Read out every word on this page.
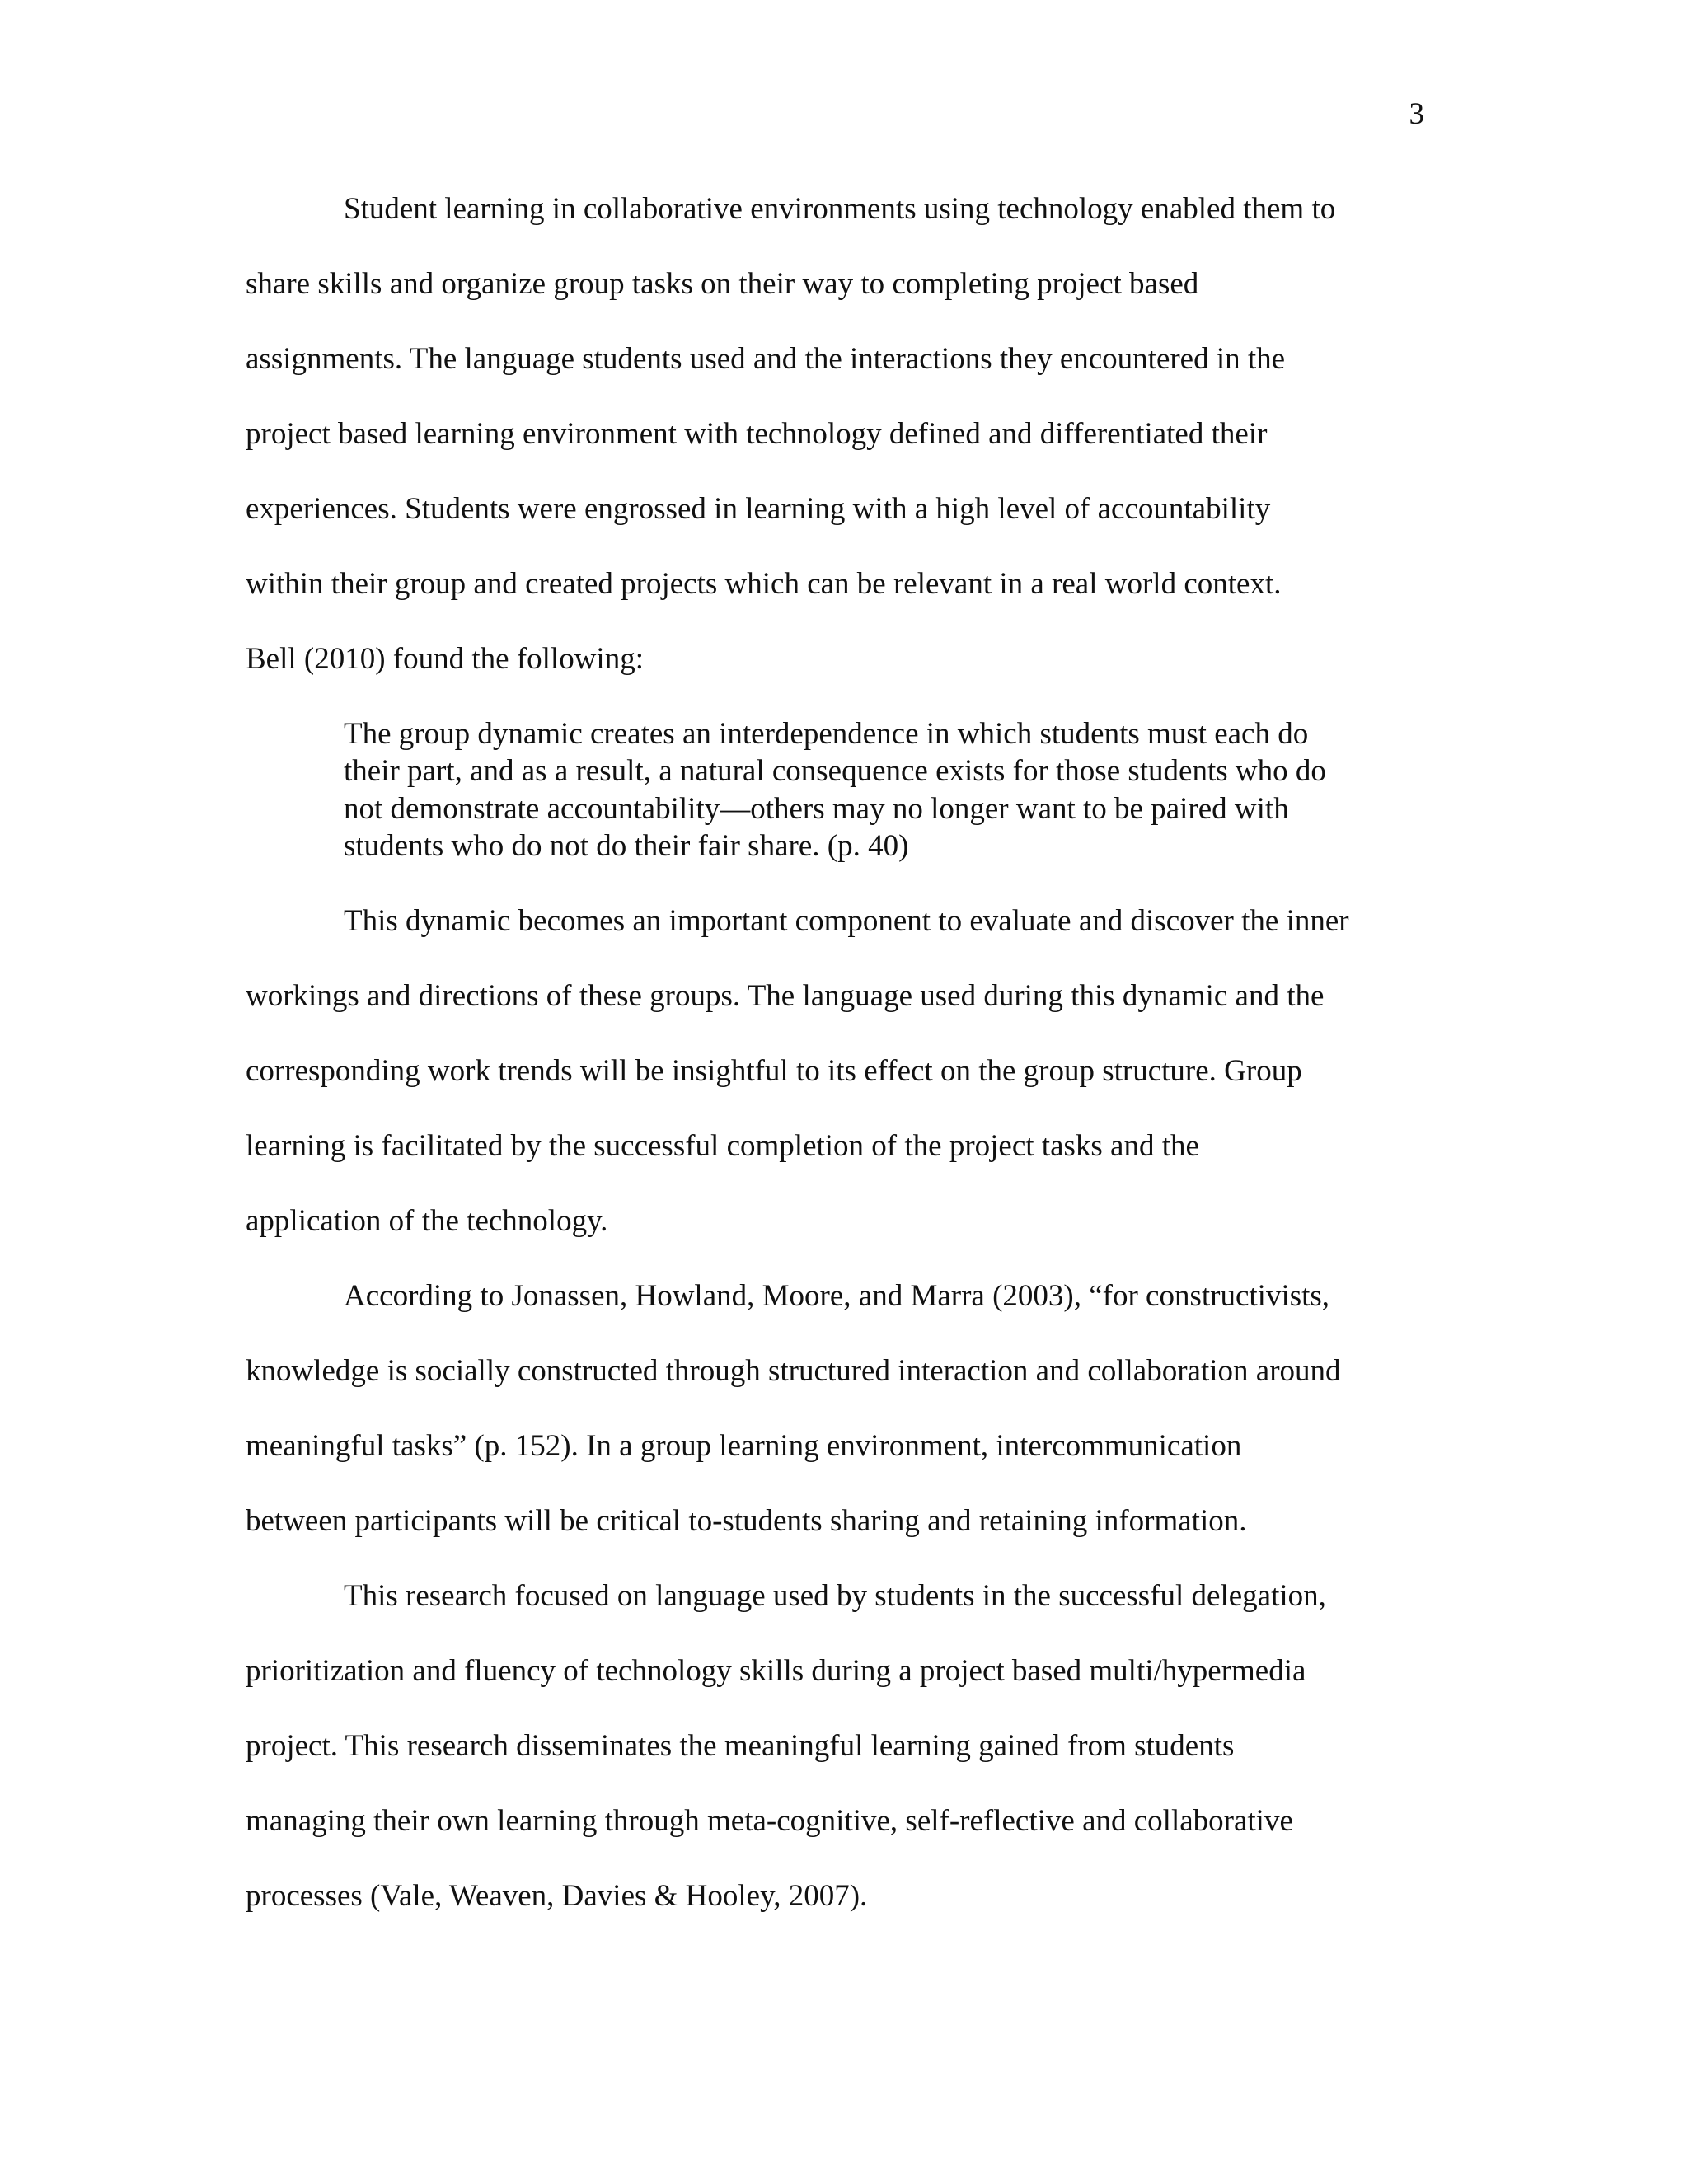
3
Student learning in collaborative environments using technology enabled them to
share skills and organize group tasks on their way to completing project based
assignments. The language students used and the interactions they encountered in the
project based learning environment with technology defined and differentiated their
experiences. Students were engrossed in learning with a high level of accountability
within their group and created projects which can be relevant in a real world context.
Bell (2010) found the following:
The group dynamic creates an interdependence in which students must each do
their part, and as a result, a natural consequence exists for those students who do
not demonstrate accountability—others may no longer want to be paired with
students who do not do their fair share. (p. 40)
This dynamic becomes an important component to evaluate and discover the inner
workings and directions of these groups. The language used during this dynamic and the
corresponding work trends will be insightful to its effect on the group structure. Group
learning is facilitated by the successful completion of the project tasks and the
application of the technology.
According to Jonassen, Howland, Moore, and Marra (2003), “for constructivists,
knowledge is socially constructed through structured interaction and collaboration around
meaningful tasks” (p. 152). In a group learning environment, intercommunication
between participants will be critical to-students sharing and retaining information.
This research focused on language used by students in the successful delegation,
prioritization and fluency of technology skills during a project based multi/hypermedia
project. This research disseminates the meaningful learning gained from students
managing their own learning through meta-cognitive, self-reflective and collaborative
processes (Vale, Weaven, Davies & Hooley, 2007).
